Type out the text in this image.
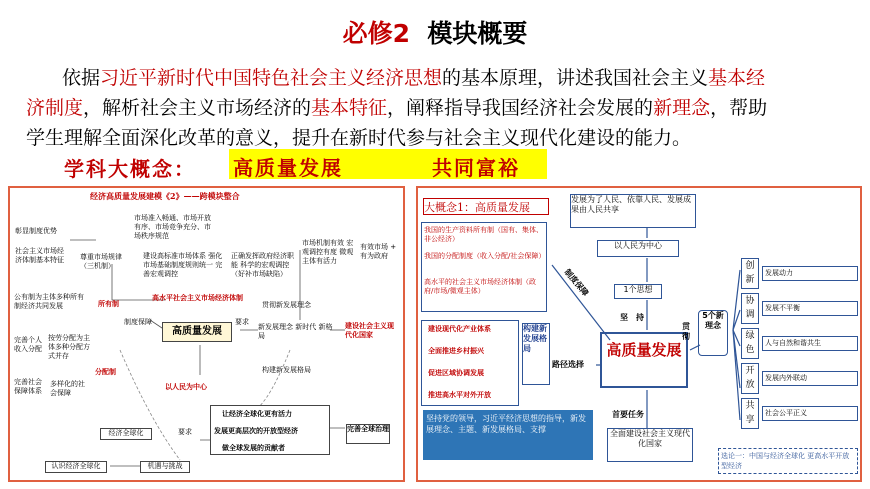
必修2 模块概要
依据习近平新时代中国特色社会主义经济思想的基本原理，讲述我国社会主义基本经
济制度，解析社会主义市场经济的基本特征，阐释指导我国经济社会发展的新理念，帮助
学生理解全面深化改革的意义，提升在新时代参与社会主义现代化建设的能力。
学科大概念： 高质量发展	共同富裕
经济高质量发展建模《2》——跨模块整合
彰显制度优势
社会主义市场经济体制基本特征	尊重市场规律（三机制）
市场准入畅通、市场开放有序、市场竞争充分、市场秩序规范
建设高标准市场体系 强化市场基础制度规则统一 完善宏观调控
正确发挥政府经济职能 科学的宏观调控（好补市场缺陷）
市场机制有效 宏观调控有度 微观主体有活力
有效市场 + 有为政府
公有制为主体多种所有制经济共同发展	所有制
高水平社会主义市场经济体制
制度保障
高质量发展
要求
贯彻新发展理念
新发展理念 新时代 新格局
建设社会主义现代化国家
完善个人收入分配
按劳分配为主体多种分配方式并存
分配制
以人民为中心
构建新发展格局
完善社会保障体系
多样化的社会保障
让经济全球化更有活力
发展更高层次的开放型经济
做全球发展的贡献者
完善全球治理
经济全球化	要求
认识经济全球化	机遇与挑战
大概念1：高质量发展
发展为了人民、依靠人民、发展成果由人民共享
以人民为中心
1个思想
坚　持
我国的生产资料所有制（国有、集体、非公经济）
我国的分配制度（收入分配/社会保障）
高水平的社会主义市场经济体制（政府/市场/微观主体）	制度保障
高质量发展
建设现代化产业体系
全面推进乡村振兴
促进区域协调发展
推进高水平对外开放
构建新发展格局
路径选择
贯彻
5个新理念
创新
协调
绿色
开放
共享
发展动力
发展不平衡
人与自然和谐共生
发展内外联动
社会公平正义
坚持党的领导，习近平经济思想的指导，新发展理念、主题、新发展格局、支撑
首要任务
全面建设社会主义现代化国家
选论一：中国与经济全球化 更高水平开放型经济
